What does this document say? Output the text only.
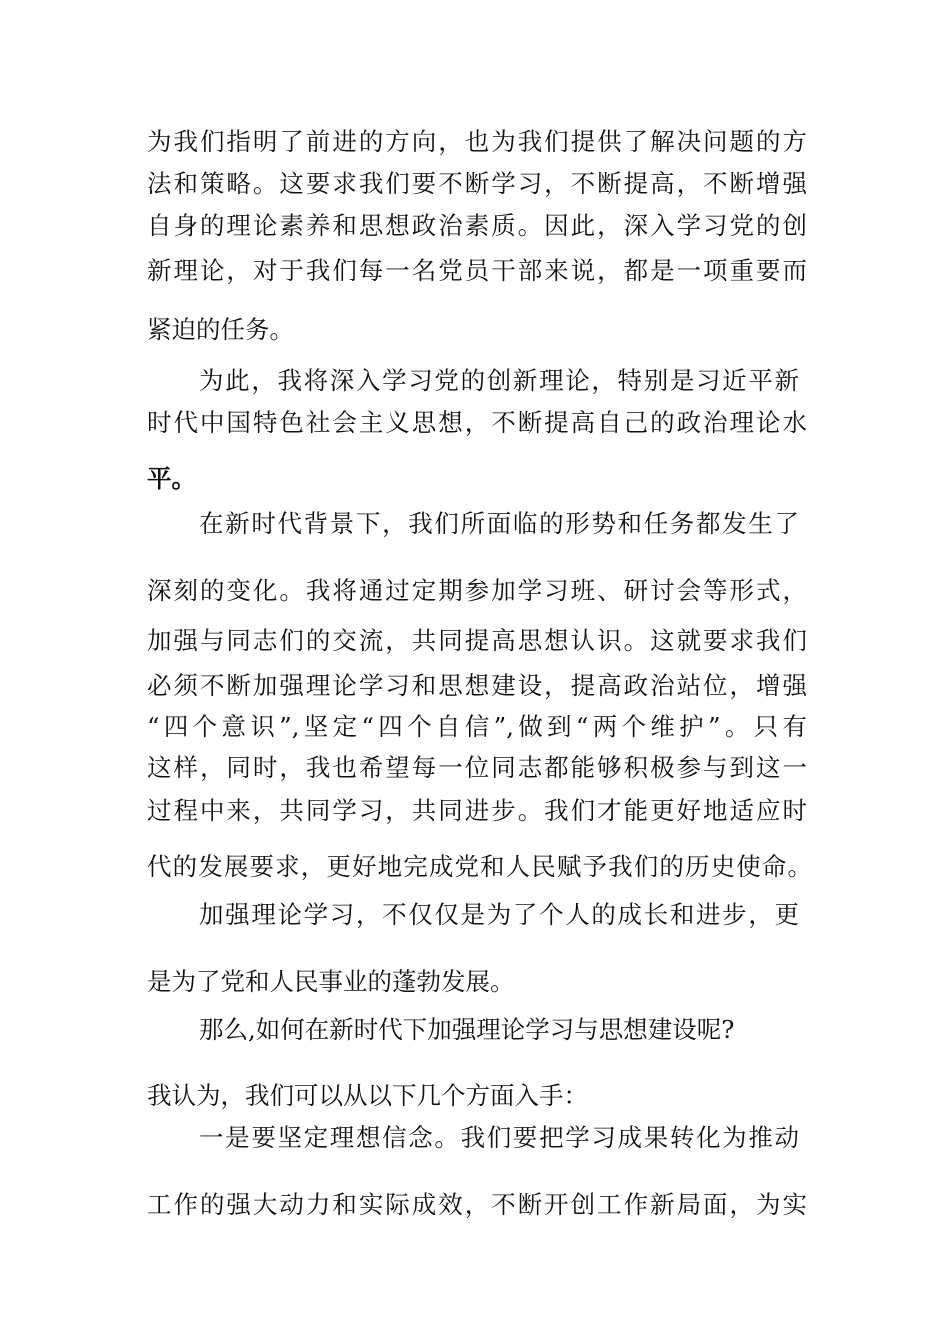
为我们指明了前进的方向，也为我们提供了解决问题的方
法和策略。这要求我们要不断学习，不断提高，不断增强
自身的理论素养和思想政治素质。因此，深入学习党的创
新理论，对于我们每一名党员干部来说，都是一项重要而
紧迫的任务。
为此，我将深入学习党的创新理论，特别是习近平新
时代中国特色社会主义思想，不断提高自己的政治理论水
平。
在新时代背景下，我们所面临的形势和任务都发生了
深刻的变化。我将通过定期参加学习班、研讨会等形式，
加强与同志们的交流，共同提高思想认识。这就要求我们
必须不断加强理论学习和思想建设，提高政治站位，增强
“四个意识”,坚定“四个自信”,做到“两个维护”。只有
这样，同时，我也希望每一位同志都能够积极参与到这一
过程中来，共同学习，共同进步。我们才能更好地适应时
代的发展要求，更好地完成党和人民赋予我们的历史使命。
加强理论学习，不仅仅是为了个人的成长和进步，更
是为了党和人民事业的蓬勃发展。
那么,如何在新时代下加强理论学习与思想建设呢?
我认为，我们可以从以下几个方面入手：
一是要坚定理想信念。我们要把学习成果转化为推动
工作的强大动力和实际成效，不断开创工作新局面，为实
